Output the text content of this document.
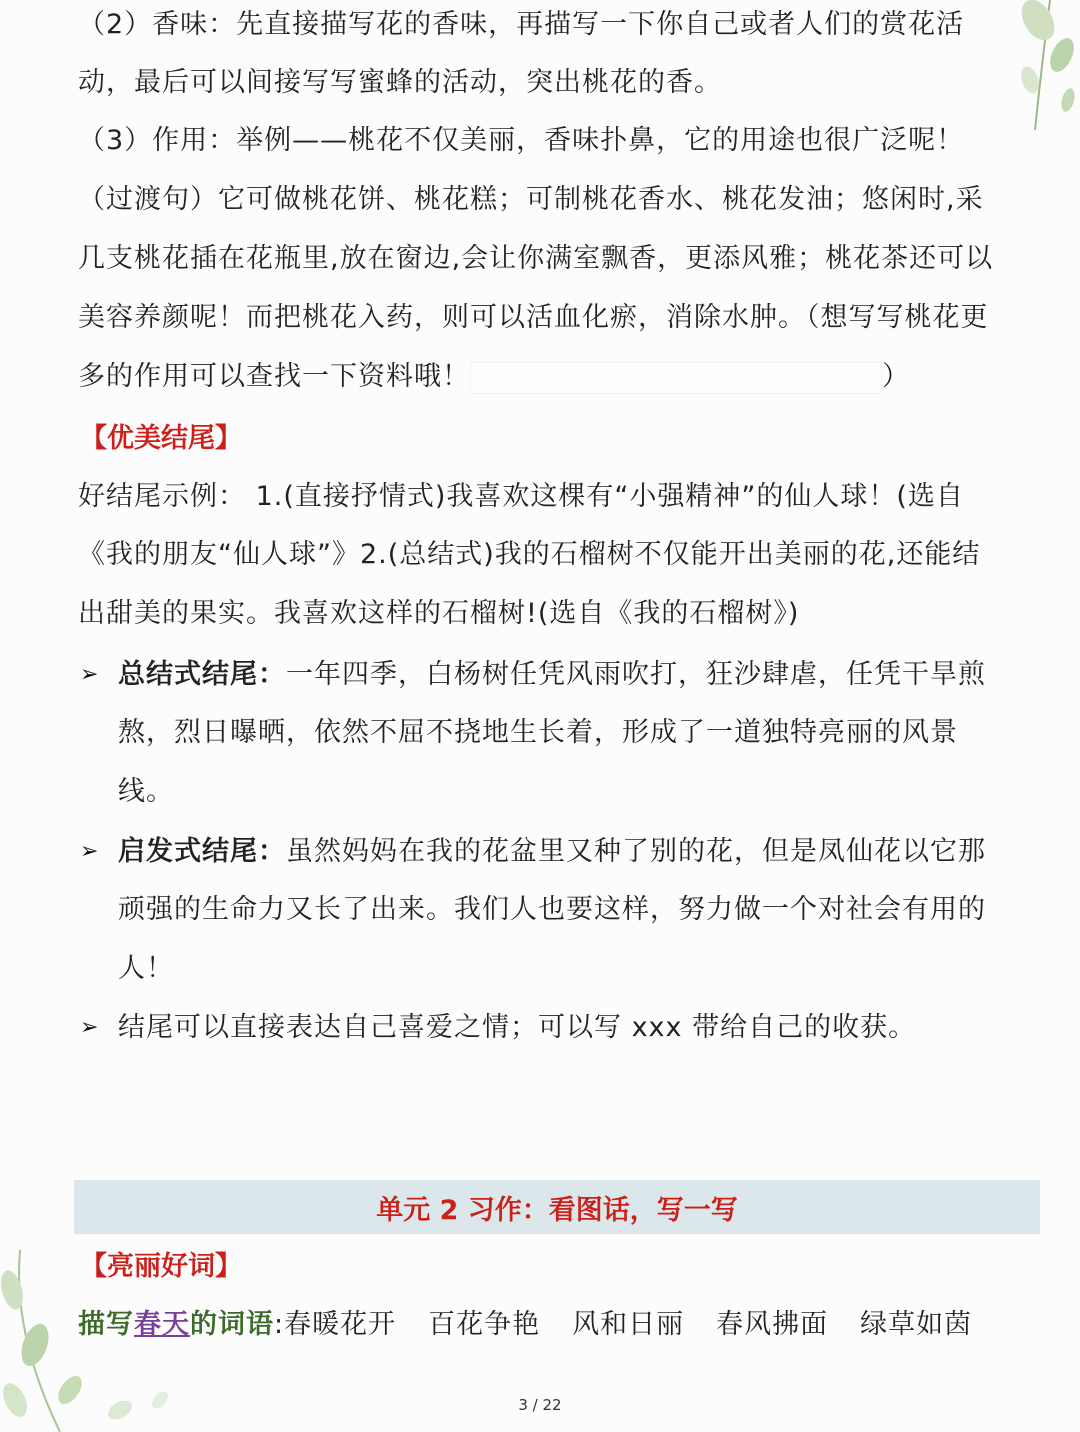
（2）香味：先直接描写花的香味，再描写一下你自己或者人们的赏花活
动，最后可以间接写写蜜蜂的活动，突出桃花的香。
（3）作用：举例——桃花不仅美丽，香味扑鼻，它的用途也很广泛呢！
（过渡句）它可做桃花饼、桃花糕；可制桃花香水、桃花发油；悠闲时,采
几支桃花插在花瓶里,放在窗边,会让你满室飘香，更添风雅；桃花茶还可以
美容养颜呢！而把桃花入药，则可以活血化瘀，消除水肿。（想写写桃花更
多的作用可以查找一下资料哦！	）
【优美结尾】
好结尾示例： 1.(直接抒情式)我喜欢这棵有“小强精神”的仙人球！(选自
《我的朋友“仙人球”》2.(总结式)我的石榴树不仅能开出美丽的花,还能结
出甜美的果实。我喜欢这样的石榴树!(选自《我的石榴树》)
➢ 总结式结尾：一年四季，白杨树任凭风雨吹打，狂沙肆虐，任凭干旱煎
熬，烈日曝晒，依然不屈不挠地生长着，形成了一道独特亮丽的风景
线。
➢ 启发式结尾：虽然妈妈在我的花盆里又种了别的花，但是凤仙花以它那
顽强的生命力又长了出来。我们人也要这样，努力做一个对社会有用的
人！
➢ 结尾可以直接表达自己喜爱之情；可以写 xxx 带给自己的收获。
单元 2 习作：看图话，写一写
【亮丽好词】
描写春天的词语:春暖花开 百花争艳 风和日丽 春风拂面 绿草如茵
3 / 22
